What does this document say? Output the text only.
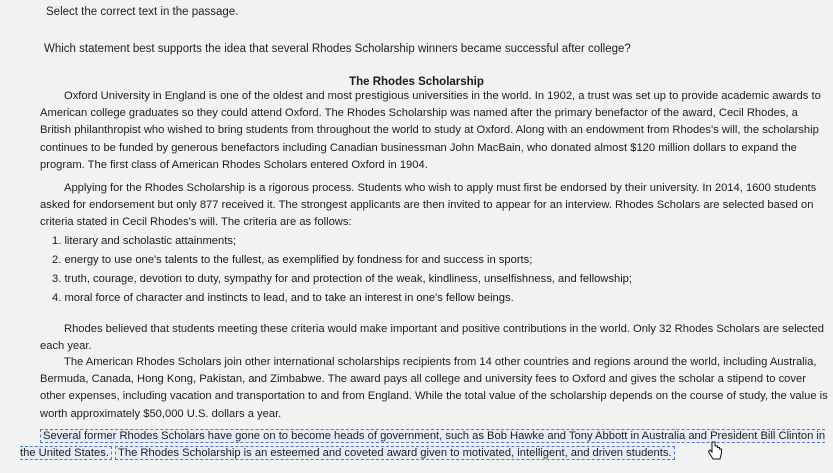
Select the correct text in the passage.
Which statement best supports the idea that several Rhodes Scholarship winners became successful after college?
The Rhodes Scholarship
Oxford University in England is one of the oldest and most prestigious universities in the world. In 1902, a trust was set up to provide academic awards to American college graduates so they could attend Oxford. The Rhodes Scholarship was named after the primary benefactor of the award, Cecil Rhodes, a British philanthropist who wished to bring students from throughout the world to study at Oxford. Along with an endowment from Rhodes's will, the scholarship continues to be funded by generous benefactors including Canadian businessman John MacBain, who donated almost $120 million dollars to expand the program. The first class of American Rhodes Scholars entered Oxford in 1904.
Applying for the Rhodes Scholarship is a rigorous process. Students who wish to apply must first be endorsed by their university. In 2014, 1600 students asked for endorsement but only 877 received it. The strongest applicants are then invited to appear for an interview. Rhodes Scholars are selected based on criteria stated in Cecil Rhodes's will. The criteria are as follows:
1. literary and scholastic attainments;
2. energy to use one's talents to the fullest, as exemplified by fondness for and success in sports;
3. truth, courage, devotion to duty, sympathy for and protection of the weak, kindliness, unselfishness, and fellowship;
4. moral force of character and instincts to lead, and to take an interest in one's fellow beings.
Rhodes believed that students meeting these criteria would make important and positive contributions in the world. Only 32 Rhodes Scholars are selected each year.
The American Rhodes Scholars join other international scholarships recipients from 14 other countries and regions around the world, including Australia, Bermuda, Canada, Hong Kong, Pakistan, and Zimbabwe. The award pays all college and university fees to Oxford and gives the scholar a stipend to cover other expenses, including vacation and transportation to and from England. While the total value of the scholarship depends on the course of study, the value is worth approximately $50,000 U.S. dollars a year.
Several former Rhodes Scholars have gone on to become heads of government, such as Bob Hawke and Tony Abbott in Australia and President Bill Clinton in the United States. The Rhodes Scholarship is an esteemed and coveted award given to motivated, intelligent, and driven students.
